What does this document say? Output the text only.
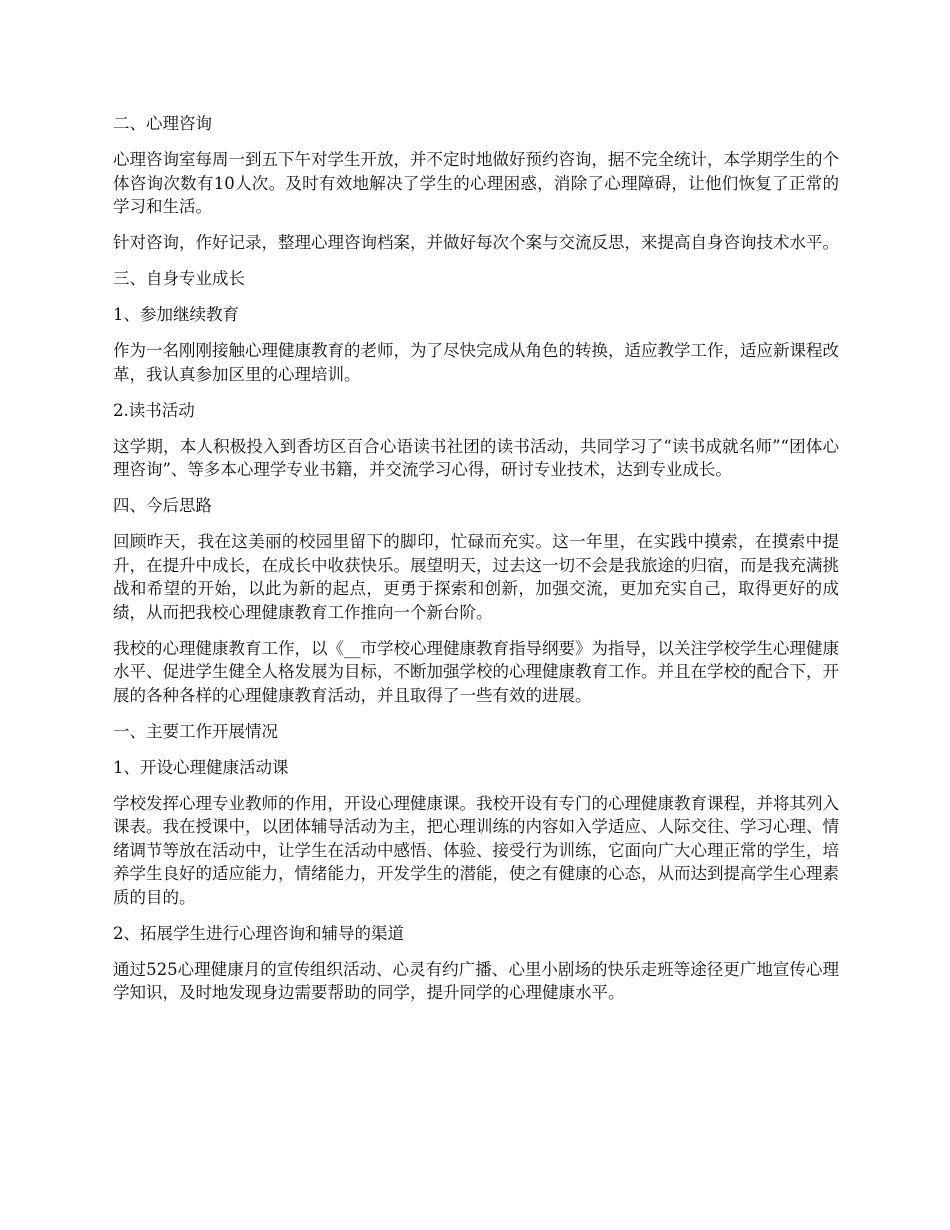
二、心理咨询
心理咨询室每周一到五下午对学生开放，并不定时地做好预约咨询，据不完全统计，本学期学生的个体咨询次数有10人次。及时有效地解决了学生的心理困惑，消除了心理障碍，让他们恢复了正常的学习和生活。
针对咨询，作好记录，整理心理咨询档案，并做好每次个案与交流反思，来提高自身咨询技术水平。
三、自身专业成长
1、参加继续教育
作为一名刚刚接触心理健康教育的老师，为了尽快完成从角色的转换，适应教学工作，适应新课程改革，我认真参加区里的心理培训。
2.读书活动
这学期，本人积极投入到香坊区百合心语读书社团的读书活动，共同学习了“读书成就名师”“团体心理咨询”、等多本心理学专业书籍，并交流学习心得，研讨专业技术，达到专业成长。
四、今后思路
回顾昨天，我在这美丽的校园里留下的脚印，忙碌而充实。这一年里，在实践中摸索，在摸索中提升，在提升中成长，在成长中收获快乐。展望明天，过去这一切不会是我旅途的归宿，而是我充满挑战和希望的开始，以此为新的起点，更勇于探索和创新，加强交流，更加充实自己，取得更好的成绩，从而把我校心理健康教育工作推向一个新台阶。
我校的心理健康教育工作，以《__市学校心理健康教育指导纲要》为指导，以关注学校学生心理健康水平、促进学生健全人格发展为目标，不断加强学校的心理健康教育工作。并且在学校的配合下，开展的各种各样的心理健康教育活动，并且取得了一些有效的进展。
一、主要工作开展情况
1、开设心理健康活动课
学校发挥心理专业教师的作用，开设心理健康课。我校开设有专门的心理健康教育课程，并将其列入课表。我在授课中，以团体辅导活动为主，把心理训练的内容如入学适应、人际交往、学习心理、情绪调节等放在活动中，让学生在活动中感悟、体验、接受行为训练，它面向广大心理正常的学生，培养学生良好的适应能力，情绪能力，开发学生的潜能，使之有健康的心态，从而达到提高学生心理素质的目的。
2、拓展学生进行心理咨询和辅导的渠道
通过525心理健康月的宣传组织活动、心灵有约广播、心里小剧场的快乐走班等途径更广地宣传心理学知识，及时地发现身边需要帮助的同学，提升同学的心理健康水平。
